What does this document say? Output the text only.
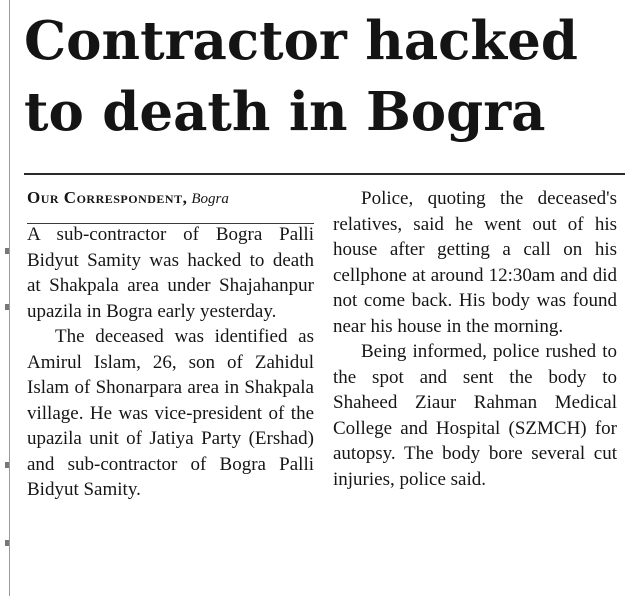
Contractor hacked to death in Bogra
Our Correspondent, Bogra

A sub-contractor of Bogra Palli Bidyut Samity was hacked to death at Shakpala area under Shajahanpur upazila in Bogra early yesterday.

The deceased was identified as Amirul Islam, 26, son of Zahidul Islam of Shonarpara area in Shakpala village. He was vice-president of the upazila unit of Jatiya Party (Ershad) and sub-contractor of Bogra Palli Bidyut Samity.

Police, quoting the deceased's relatives, said he went out of his house after getting a call on his cellphone at around 12:30am and did not come back. His body was found near his house in the morning.

Being informed, police rushed to the spot and sent the body to Shaheed Ziaur Rahman Medical College and Hospital (SZMCH) for autopsy. The body bore several cut injuries, police said.
